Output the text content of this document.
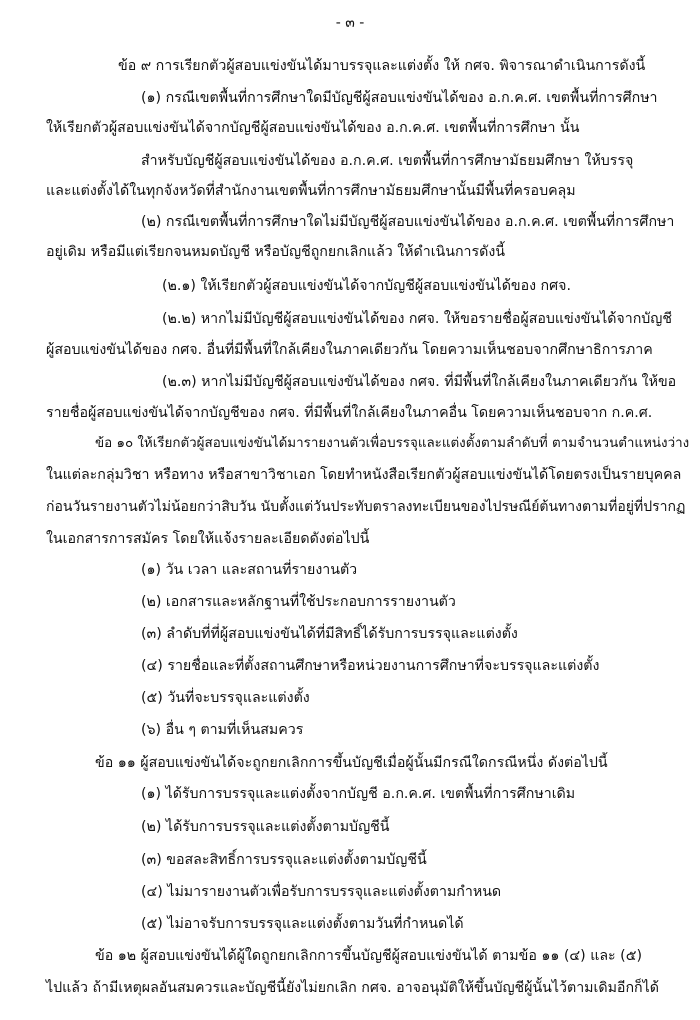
- ๓ -
ข้อ ๙ การเรียกตัวผู้สอบแข่งขันได้มาบรรจุและแต่งตั้ง ให้ กศจ. พิจารณาดำเนินการดังนี้
(๑) กรณีเขตพื้นที่การศึกษาใดมีบัญชีผู้สอบแข่งขันได้ของ อ.ก.ค.ศ. เขตพื้นที่การศึกษา
ให้เรียกตัวผู้สอบแข่งขันได้จากบัญชีผู้สอบแข่งขันได้ของ อ.ก.ค.ศ. เขตพื้นที่การศึกษา นั้น
สำหรับบัญชีผู้สอบแข่งขันได้ของ อ.ก.ค.ศ. เขตพื้นที่การศึกษามัธยมศึกษา ให้บรรจุ
และแต่งตั้งได้ในทุกจังหวัดที่สำนักงานเขตพื้นที่การศึกษามัธยมศึกษานั้นมีพื้นที่ครอบคลุม
(๒) กรณีเขตพื้นที่การศึกษาใดไม่มีบัญชีผู้สอบแข่งขันได้ของ อ.ก.ค.ศ. เขตพื้นที่การศึกษา
อยู่เดิม หรือมีแต่เรียกจนหมดบัญชี หรือบัญชีถูกยกเลิกแล้ว ให้ดำเนินการดังนี้
(๒.๑) ให้เรียกตัวผู้สอบแข่งขันได้จากบัญชีผู้สอบแข่งขันได้ของ กศจ.
(๒.๒) หากไม่มีบัญชีผู้สอบแข่งขันได้ของ กศจ. ให้ขอรายชื่อผู้สอบแข่งขันได้จากบัญชี
ผู้สอบแข่งขันได้ของ กศจ. อื่นที่มีพื้นที่ใกล้เคียงในภาคเดียวกัน โดยความเห็นชอบจากศึกษาธิการภาค
(๒.๓) หากไม่มีบัญชีผู้สอบแข่งขันได้ของ กศจ. ที่มีพื้นที่ใกล้เคียงในภาคเดียวกัน ให้ขอ
รายชื่อผู้สอบแข่งขันได้จากบัญชีของ กศจ. ที่มีพื้นที่ใกล้เคียงในภาคอื่น โดยความเห็นชอบจาก ก.ค.ศ.
ข้อ ๑๐ ให้เรียกตัวผู้สอบแข่งขันได้มารายงานตัวเพื่อบรรจุและแต่งตั้งตามลำดับที่ ตามจำนวนตำแหน่งว่าง
ในแต่ละกลุ่มวิชา หรือทาง หรือสาขาวิชาเอก โดยทำหนังสือเรียกตัวผู้สอบแข่งขันได้โดยตรงเป็นรายบุคคล
ก่อนวันรายงานตัวไม่น้อยกว่าสิบวัน นับตั้งแต่วันประทับตราลงทะเบียนของไปรษณีย์ต้นทางตามที่อยู่ที่ปรากฏ
ในเอกสารการสมัคร โดยให้แจ้งรายละเอียดดังต่อไปนี้
(๑) วัน เวลา และสถานที่รายงานตัว
(๒) เอกสารและหลักฐานที่ใช้ประกอบการรายงานตัว
(๓) ลำดับที่ที่ผู้สอบแข่งขันได้ที่มีสิทธิ์ได้รับการบรรจุและแต่งตั้ง
(๔) รายชื่อและที่ตั้งสถานศึกษาหรือหน่วยงานการศึกษาที่จะบรรจุและแต่งตั้ง
(๕) วันที่จะบรรจุและแต่งตั้ง
(๖) อื่น ๆ ตามที่เห็นสมควร
ข้อ ๑๑ ผู้สอบแข่งขันได้จะถูกยกเลิกการขึ้นบัญชีเมื่อผู้นั้นมีกรณีใดกรณีหนึ่ง ดังต่อไปนี้
(๑) ได้รับการบรรจุและแต่งตั้งจากบัญชี อ.ก.ค.ศ. เขตพื้นที่การศึกษาเดิม
(๒) ได้รับการบรรจุและแต่งตั้งตามบัญชีนี้
(๓) ขอสละสิทธิ์การบรรจุและแต่งตั้งตามบัญชีนี้
(๔) ไม่มารายงานตัวเพื่อรับการบรรจุและแต่งตั้งตามกำหนด
(๕) ไม่อาจรับการบรรจุและแต่งตั้งตามวันที่กำหนดได้
ข้อ ๑๒ ผู้สอบแข่งขันได้ผู้ใดถูกยกเลิกการขึ้นบัญชีผู้สอบแข่งขันได้ ตามข้อ ๑๑ (๔) และ (๕)
ไปแล้ว ถ้ามีเหตุผลอันสมควรและบัญชีนี้ยังไม่ยกเลิก กศจ. อาจอนุมัติให้ขึ้นบัญชีผู้นั้นไว้ตามเดิมอีกก็ได้
